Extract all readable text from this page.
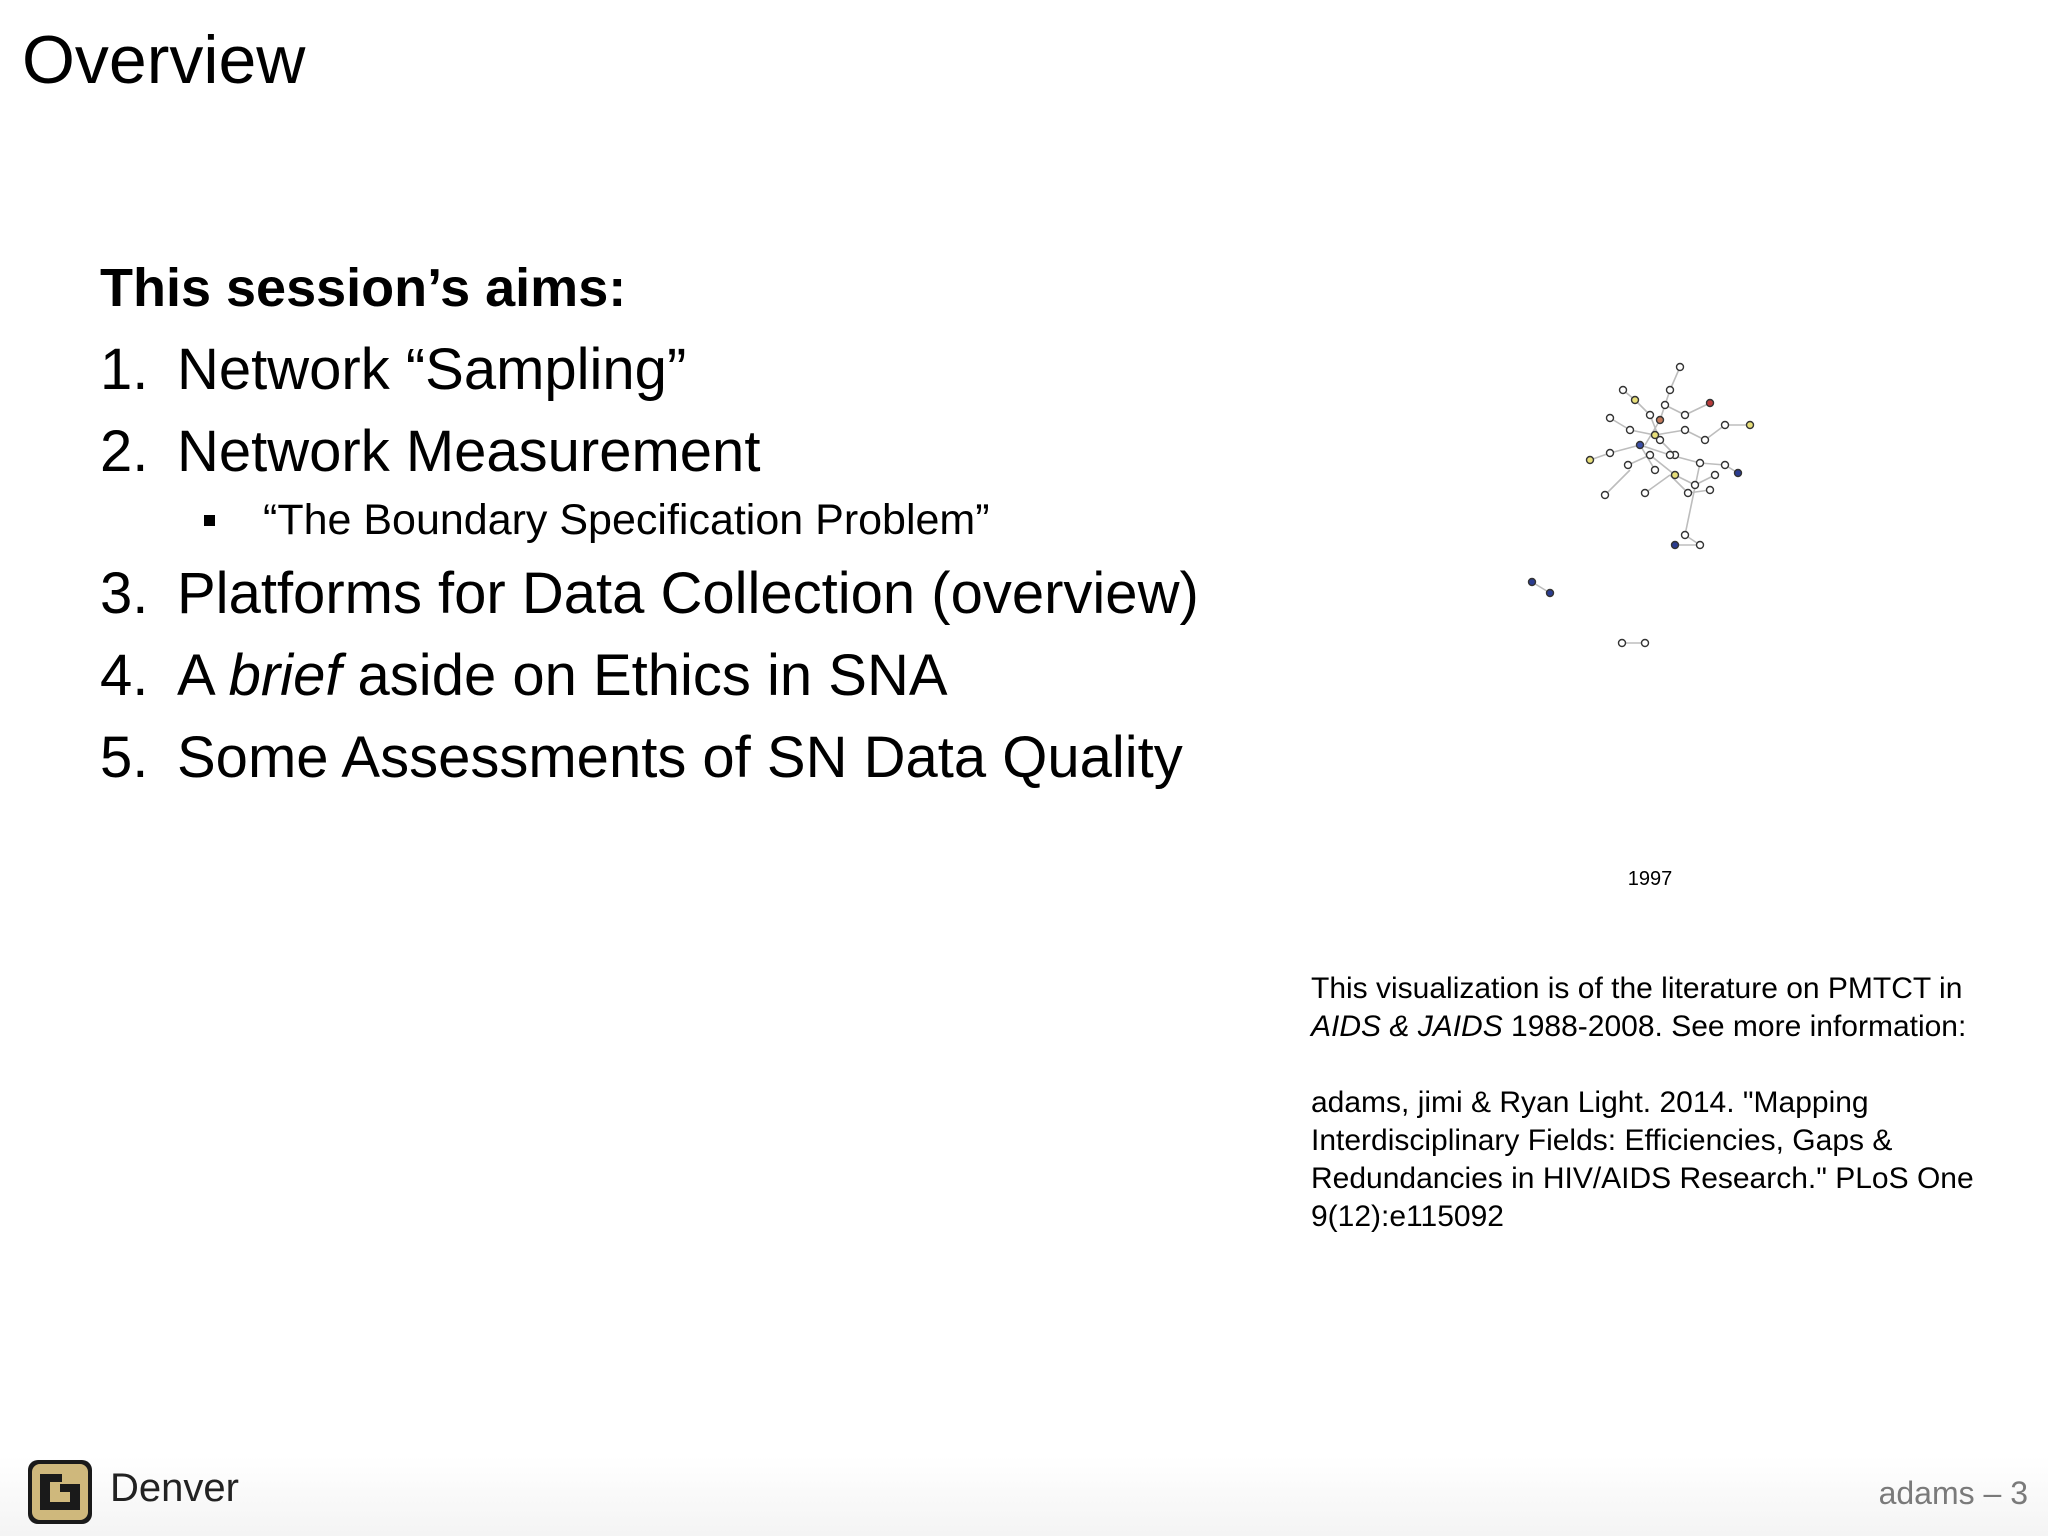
Overview
This session’s aims:
1. Network “Sampling”
2. Network Measurement
“The Boundary Specification Problem”
3. Platforms for Data Collection (overview)
4. A brief aside on Ethics in SNA
5. Some Assessments of SN Data Quality
1997

This visualization is of the literature on PMTCT in

AIDS & JAIDS 1988-2008. See more information:

adams, jimi & Ryan Light. 2014. "Mapping Interdisciplinary Fields: Efficiencies, Gaps & Redundancies in HIV/AIDS Research." PLoS One 9(12):e115092

Denver	adams – 3
